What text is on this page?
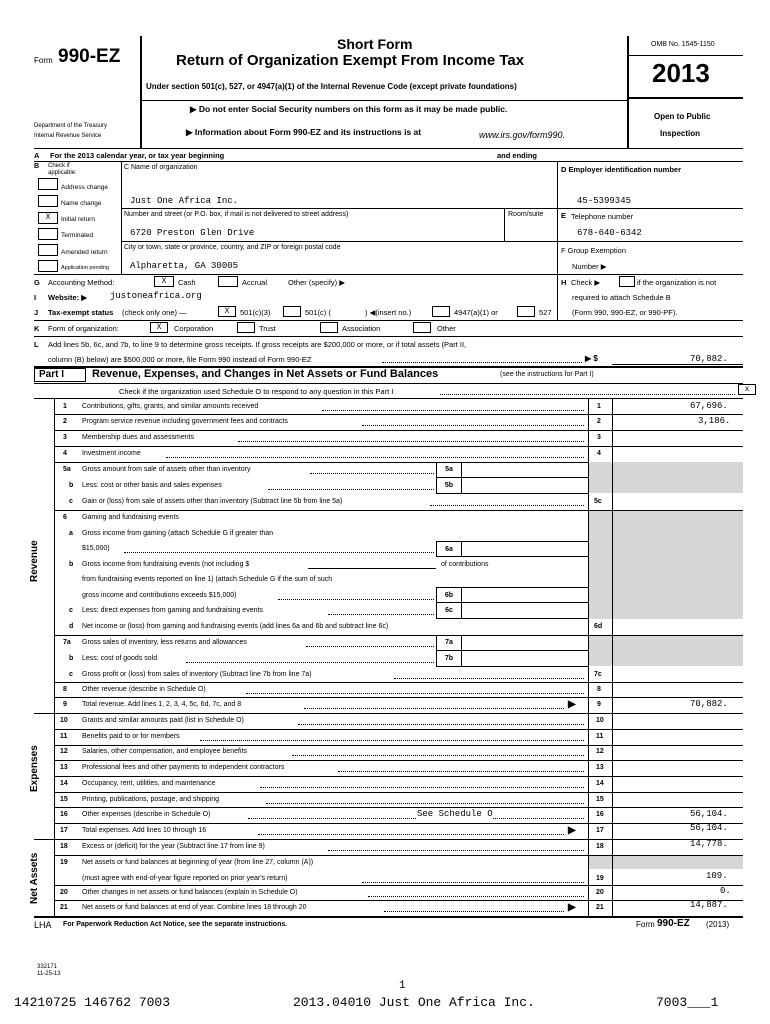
Form 990-EZ
Short Form
Return of Organization Exempt From Income Tax
Under section 501(c), 527, or 4947(a)(1) of the Internal Revenue Code (except private foundations)
▶ Do not enter Social Security numbers on this form as it may be made public.
▶ Information about Form 990-EZ and its instructions is at	www.irs.gov/form990.
Department of the Treasury
Internal Revenue Service
OMB No. 1545-1150
2013
Open to Public
Inspection
A For the 2013 calendar year, or tax year beginning	and ending
B Check if
applicable:
Address change
Name change
X	Initial return
Terminated
Amended return
Application pending
C Name of organization
Just One Africa Inc.
Number and street (or P.O. box, if mail is not delivered to street address)	Room/suite
6720 Preston Glen Drive
City or town, state or province, country, and ZIP or foreign postal code
Alpharetta, GA 30005
D Employer identification number
45-5399345
E Telephone number
678-640-6342
F Group Exemption
Number ▶
G Accounting Method:	X	Cash	Accrual	Other (specify) ▶	H Check ▶	if the organization is not
required to attach Schedule B
(Form 990, 990-EZ, or 990-PF).
I Website: ▶	justoneafrica.org
J Tax-exempt status (check only one) —	X	501(c)(3)	501(c) (	) ◀(insert no.)	4947(a)(1) or	527
K Form of organization:	X	Corporation	Trust	Association	Other
L Add lines 5b, 6c, and 7b, to line 9 to determine gross receipts. If gross receipts are $200,000 or more, or if total assets (Part II,
column (B) below) are $500,000 or more, file Form 990 instead of Form 990-EZ	▶ $	70,882.
Part I	Revenue, Expenses, and Changes in Net Assets or Fund Balances	(see the instructions for Part I)
Check if the organization used Schedule O to respond to any question in this Part I	x
Revenue
Expenses
Net Assets
1 Contributions, gifts, grants, and similar amounts received	1	67,696.
2 Program service revenue including government fees and contracts	2	3,186.
3 Membership dues and assessments	3
4 Investment income	4
5a Gross amount from sale of assets other than inventory	5a
b Less: cost or other basis and sales expenses	5b
c Gain or (loss) from sale of assets other than inventory (Subtract line 5b from line 5a)	5c
6 Gaming and fundraising events
a Gross income from gaming (attach Schedule G if greater than
$15,000)	6a
b Gross income from fundraising events (not including $	of contributions
from fundraising events reported on line 1) (attach Schedule G if the sum of such
gross income and contributions exceeds $15,000)	6b
c Less: direct expenses from gaming and fundraising events	6c
d Net income or (loss) from gaming and fundraising events (add lines 6a and 6b and subtract line 6c)	6d
7a Gross sales of inventory, less returns and allowances	7a
b Less: cost of goods sold	7b
c Gross profit or (loss) from sales of inventory (Subtract line 7b from line 7a)	7c
8 Other revenue (describe in Schedule O)	8
9 Total revenue. Add lines 1, 2, 3, 4, 5c, 6d, 7c, and 8	▶	9	70,882.
10 Grants and similar amounts paid (list in Schedule O)	10
11 Benefits paid to or for members	11
12 Salaries, other compensation, and employee benefits	12
13 Professional fees and other payments to independent contractors	13
14 Occupancy, rent, utilities, and maintenance	14
15 Printing, publications, postage, and shipping	15
16 Other expenses (describe in Schedule O)	See Schedule O	16	56,104.
17 Total expenses. Add lines 10 through 16	▶	17	56,104.
18 Excess or (deficit) for the year (Subtract line 17 from line 9)	18	14,778.
19 Net assets or fund balances at beginning of year (from line 27, column (A))
(must agree with end-of-year figure reported on prior year's return)	19	109.
20 Other changes in net assets or fund balances (explain in Schedule O)	20	0.
21 Net assets or fund balances at end of year. Combine lines 18 through 20	▶	21	14,887.
LHA For Paperwork Reduction Act Notice, see the separate instructions.	Form 990-EZ (2013)
332171
11-25-13
1
14210725 146762 7003	2013.04010 Just One Africa Inc.	7003___1
